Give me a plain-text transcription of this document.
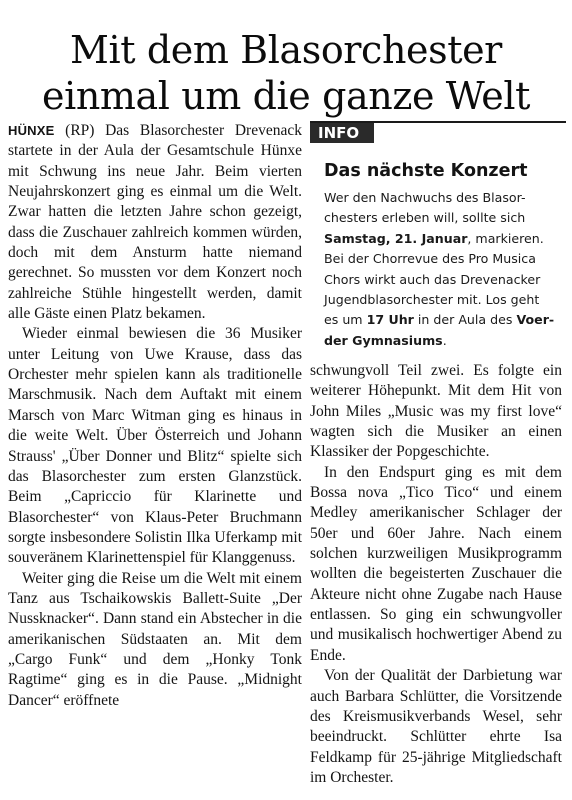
Mit dem Blasorchester
einmal um die ganze Welt

HÜNXE (RP) Das Blasorchester Drevenack startete in der Aula der Gesamtschule Hünxe mit Schwung ins neue Jahr. Beim vierten Neujahrskonzert ging es einmal um die Welt. Zwar hatten die letzten Jahre schon gezeigt, dass die Zuschauer zahlreich kommen würden, doch mit dem Ansturm hatte niemand gerechnet. So mussten vor dem Konzert noch zahlreiche Stühle hingestellt werden, damit alle Gäste einen Platz bekamen.

Wieder einmal bewiesen die 36 Musiker unter Leitung von Uwe Krause, dass das Orchester mehr spielen kann als traditionelle Marschmusik. Nach dem Auftakt mit einem Marsch von Marc Witman ging es hinaus in die weite Welt. Über Österreich und Johann Strauss' „Über Donner und Blitz“ spielte sich das Blasorchester zum ersten Glanzstück. Beim „Capriccio für Klarinette und Blasorchester“ von Klaus-Peter Bruchmann sorgte insbesondere Solistin Ilka Uferkamp mit souveränem Klarinettenspiel für Klanggenuss.

Weiter ging die Reise um die Welt mit einem Tanz aus Tschaikowskis Ballett-Suite „Der Nussknacker“. Dann stand ein Abstecher in die amerikanischen Südstaaten an. Mit dem „Cargo Funk“ und dem „Honky Tonk Ragtime“ ging es in die Pause. „Midnight Dancer“ eröffnete

INFO
Das nächste Konzert
Wer den Nachwuchs des Blasor-
chesters erleben will, sollte sich
Samstag, 21. Januar, markieren.
Bei der Chorrevue des Pro Musica
Chors wirkt auch das Drevenacker
Jugendblasorchester mit. Los geht
es um 17 Uhr in der Aula des Voer-
der Gymnasiums.

schwungvoll Teil zwei. Es folgte ein weiterer Höhepunkt. Mit dem Hit von John Miles „Music was my first love“ wagten sich die Musiker an einen Klassiker der Popgeschichte.

In den Endspurt ging es mit dem Bossa nova „Tico Tico“ und einem Medley amerikanischer Schlager der 50er und 60er Jahre. Nach einem solchen kurzweiligen Musikprogramm wollten die begeisterten Zuschauer die Akteure nicht ohne Zugabe nach Hause entlassen. So ging ein schwungvoller und musikalisch hochwertiger Abend zu Ende.

Von der Qualität der Darbietung war auch Barbara Schlütter, die Vorsitzende des Kreismusikverbands Wesel, sehr beeindruckt. Schlütter ehrte Isa Feldkamp für 25-jährige Mitgliedschaft im Orchester.
